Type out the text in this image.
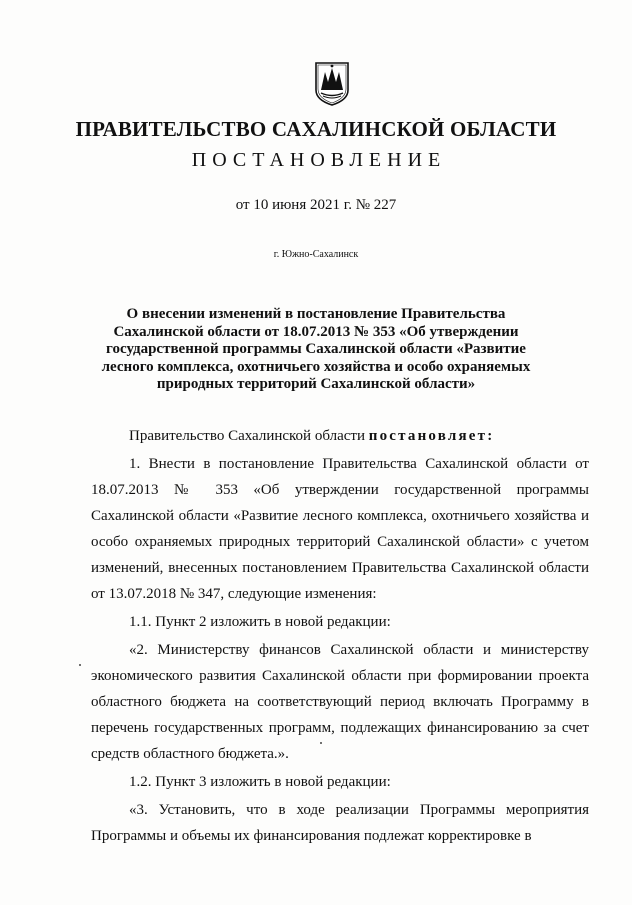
ПРАВИТЕЛЬСТВО САХАЛИНСКОЙ ОБЛАСТИ
ПОСТАНОВЛЕНИЕ
от 10 июня 2021 г. № 227
г. Южно-Сахалинск
О внесении изменений в постановление Правительства Сахалинской области от 18.07.2013 № 353 «Об утверждении государственной программы Сахалинской области «Развитие лесного комплекса, охотничьего хозяйства и особо охраняемых природных территорий Сахалинской области»

Правительство Сахалинской области постановляет:

1. Внести в постановление Правительства Сахалинской области от 18.07.2013 № 353 «Об утверждении государственной программы Сахалинской области «Развитие лесного комплекса, охотничьего хозяйства и особо охраняемых природных территорий Сахалинской области» с учетом изменений, внесенных постановлением Правительства Сахалинской области от 13.07.2018 № 347, следующие изменения:

1.1. Пункт 2 изложить в новой редакции:

«2. Министерству финансов Сахалинской области и министерству экономического развития Сахалинской области при формировании проекта областного бюджета на соответствующий период включать Программу в перечень государственных программ, подлежащих финансированию за счет средств областного бюджета.».

1.2. Пункт 3 изложить в новой редакции:

«3. Установить, что в ходе реализации Программы мероприятия Программы и объемы их финансирования подлежат корректировке в
